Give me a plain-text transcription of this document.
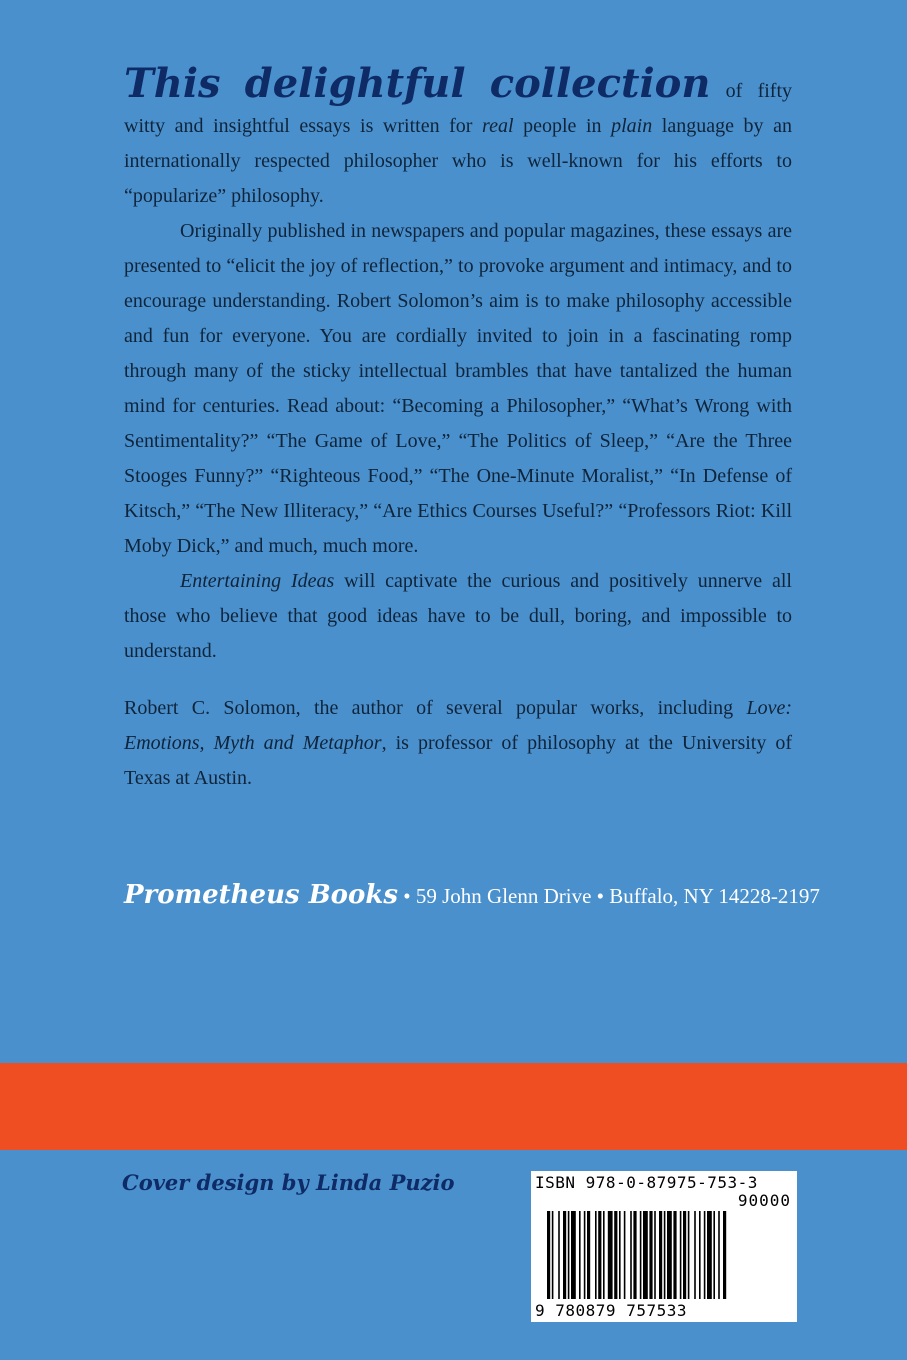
This delightful collection of fifty witty and insightful essays is written for real people in plain language by an internationally respected philosopher who is well-known for his efforts to “popularize” philosophy.

Originally published in newspapers and popular magazines, these essays are presented to “elicit the joy of reflection,” to provoke argument and intimacy, and to encourage understanding. Robert Solomon’s aim is to make philosophy accessible and fun for everyone. You are cordially invited to join in a fascinating romp through many of the sticky intellectual brambles that have tantalized the human mind for centuries. Read about: “Becoming a Philosopher,” “What’s Wrong with Sentimentality?” “The Game of Love,” “The Politics of Sleep,” “Are the Three Stooges Funny?” “Righteous Food,” “The One-Minute Moralist,” “In Defense of Kitsch,” “The New Illiteracy,” “Are Ethics Courses Useful?” “Professors Riot: Kill Moby Dick,” and much, much more.

Entertaining Ideas will captivate the curious and positively unnerve all those who believe that good ideas have to be dull, boring, and impossible to understand.

Robert C. Solomon, the author of several popular works, including Love: Emotions, Myth and Metaphor, is professor of philosophy at the University of Texas at Austin.

Prometheus Books • 59 John Glenn Drive • Buffalo, NY 14228-2197
Cover design by Linda Puzio	ISBN 978-0-87975-753-3
90000
9 780879 757533
